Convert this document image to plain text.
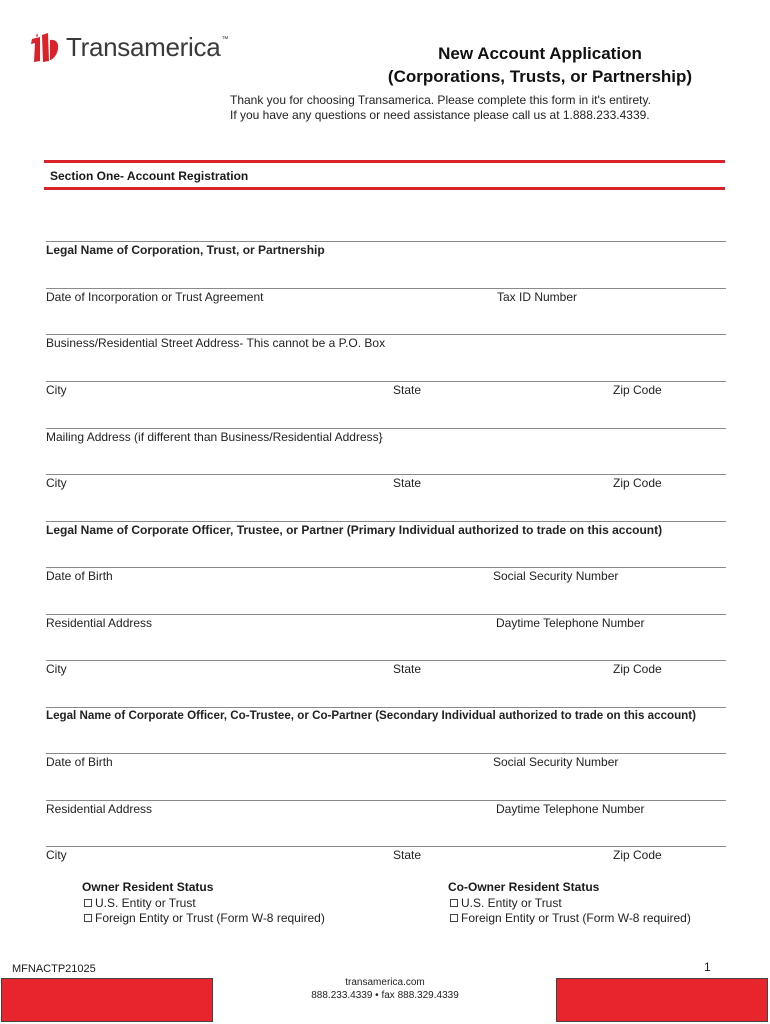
Transamerica ™
New Account Application
(Corporations, Trusts, or Partnership)
Thank you for choosing Transamerica. Please complete this form in it's entirety.
If you have any questions or need assistance please call us at 1.888.233.4339.
Section One- Account Registration
Legal Name of Corporation, Trust, or Partnership
Date of Incorporation or Trust Agreement	Tax ID Number
Business/Residential Street Address- This cannot be a P.O. Box
City	State	Zip Code
Mailing Address (if different than Business/Residential Address}
City	State	Zip Code
Legal Name of Corporate Officer, Trustee, or Partner (Primary Individual authorized to trade on this account)
Date of Birth	Social Security Number
Residential Address	Daytime Telephone Number
City	State	Zip Code
Legal Name of Corporate Officer, Co-Trustee, or Co-Partner (Secondary Individual authorized to trade on this account)
Date of Birth	Social Security Number
Residential Address	Daytime Telephone Number
City	State	Zip Code
Owner Resident Status
U.S. Entity or Trust
Foreign Entity or Trust (Form W-8 required)
Co-Owner Resident Status
U.S. Entity or Trust
Foreign Entity or Trust (Form W-8 required)
MFNACTP21025	1
transamerica.com
888.233.4339 • fax 888.329.4339
